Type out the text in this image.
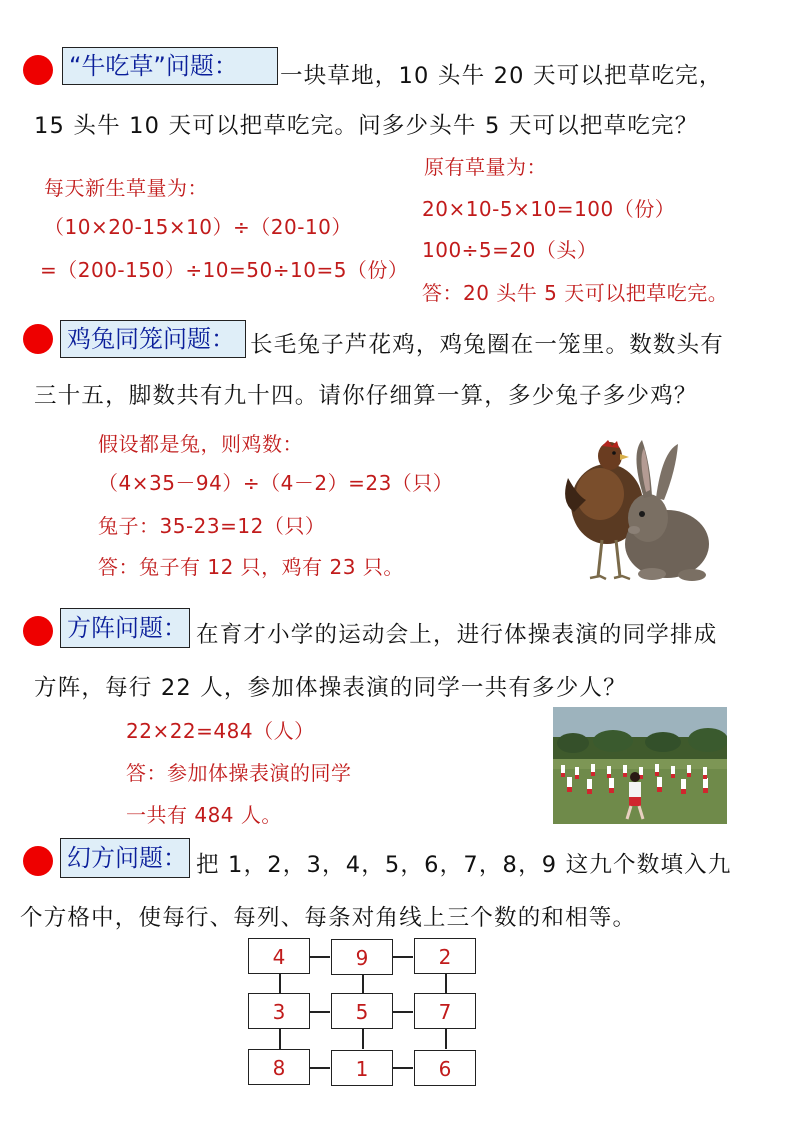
“牛吃草”问题：	一块草地，10 头牛 20 天可以把草吃完，
15 头牛 10 天可以把草吃完。问多少头牛 5 天可以把草吃完？
每天新生草量为：
（10×20-15×10）÷（20-10）
=（200-150）÷10=50÷10=5（份）
原有草量为：
20×10-5×10=100（份）
100÷5=20（头）
答：20 头牛 5 天可以把草吃完。
鸡兔同笼问题： 长毛兔子芦花鸡，鸡兔圈在一笼里。数数头有
三十五，脚数共有九十四。请你仔细算一算，多少兔子多少鸡？
假设都是兔，则鸡数：
（4×35－94）÷（4－2）=23（只）
兔子：35-23=12（只）
答：兔子有 12 只，鸡有 23 只。
方阵问题： 在育才小学的运动会上，进行体操表演的同学排成
方阵，每行 22 人，参加体操表演的同学一共有多少人？
22×22=484（人）
答：参加体操表演的同学
一共有 484 人。
幻方问题： 把 1，2，3，4，5，6，7，8，9 这九个数填入九
个方格中，使每行、每列、每条对角线上三个数的和相等。
4	9	2
3	5	7
8	1	6
